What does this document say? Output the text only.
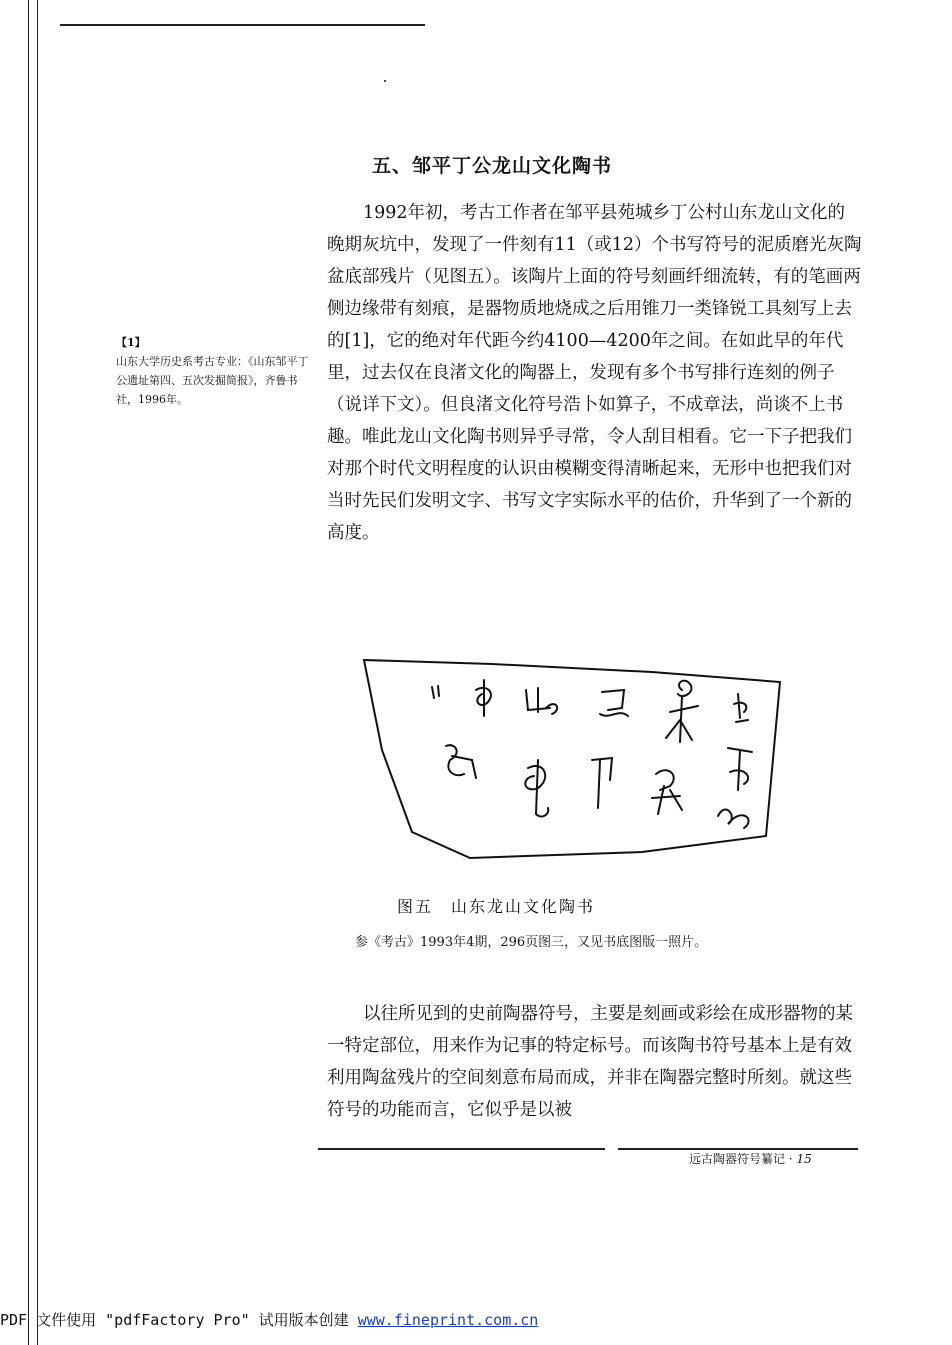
五、邹平丁公龙山文化陶书

1992年初，考古工作者在邹平县苑城乡丁公村山东龙山文化的晚期灰坑中，发现了一件刻有11（或12）个书写符号的泥质磨光灰陶盆底部残片（见图五）。该陶片上面的符号刻画纤细流转，有的笔画两侧边缘带有刻痕，是器物质地烧成之后用锥刀一类锋锐工具刻写上去的[1]，它的绝对年代距今约4100—4200年之间。在如此早的年代里，过去仅在良渚文化的陶器上，发现有多个书写排行连刻的例子（说详下文）。但良渚文化符号浩卜如算子，不成章法，尚谈不上书趣。唯此龙山文化陶书则异乎寻常，令人刮目相看。它一下子把我们对那个时代文明程度的认识由模糊变得清晰起来，无形中也把我们对当时先民们发明文字、书写文字实际水平的估价，升华到了一个新的高度。

【1】
山东大学历史系考古专业：《山东邹平丁公遗址第四、五次发掘简报》，齐鲁书社，1996年。
图五　山东龙山文化陶书
参《考古》1993年4期，296页图三，又见书底图版一照片。

以往所见到的史前陶器符号，主要是刻画或彩绘在成形器物的某一特定部位，用来作为记事的特定标号。而该陶书符号基本上是有效利用陶盆残片的空间刻意布局而成，并非在陶器完整时所刻。就这些符号的功能而言，它似乎是以被

远古陶器符号纂记 · 15
PDF 文件使用 "pdfFactory Pro" 试用版本创建 www.fineprint.com.cn
